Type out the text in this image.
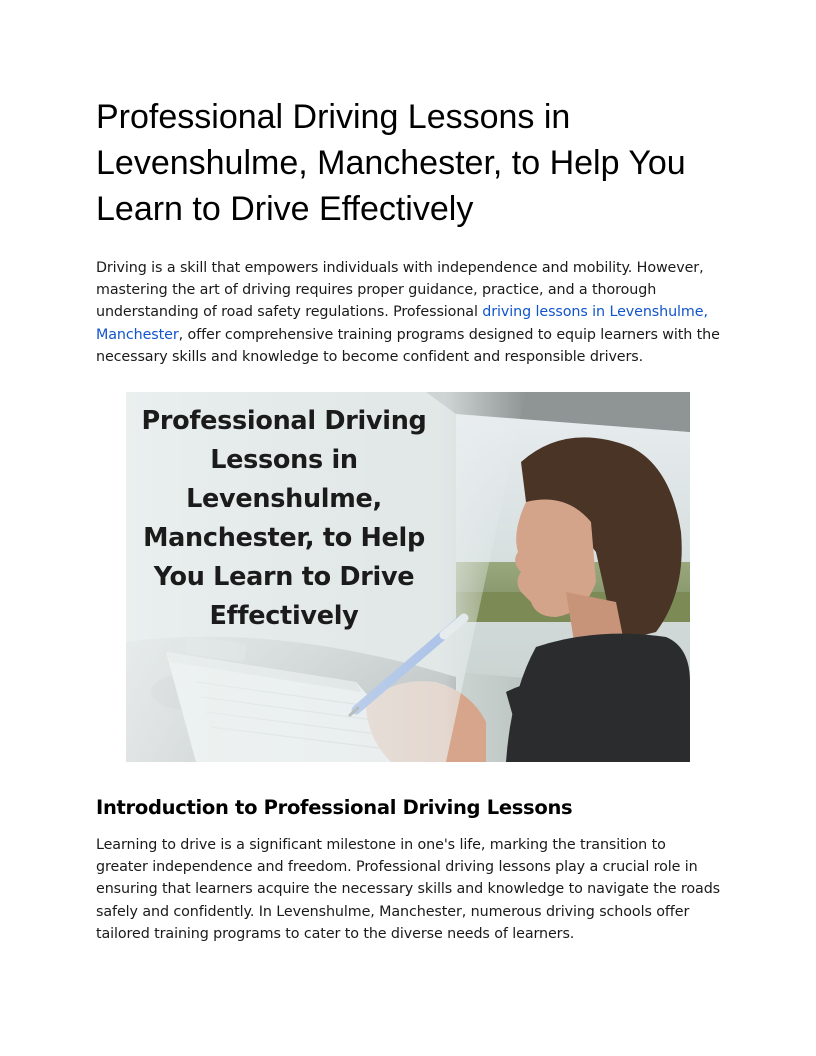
Professional Driving Lessons in Levenshulme, Manchester, to Help You Learn to Drive Effectively

Driving is a skill that empowers individuals with independence and mobility. However, mastering the art of driving requires proper guidance, practice, and a thorough understanding of road safety regulations. Professional driving lessons in Levenshulme, Manchester, offer comprehensive training programs designed to equip learners with the necessary skills and knowledge to become confident and responsible drivers.

Professional Driving
Lessons in
Levenshulme,
Manchester, to Help
You Learn to Drive
Effectively
Introduction to Professional Driving Lessons

Learning to drive is a significant milestone in one's life, marking the transition to greater independence and freedom. Professional driving lessons play a crucial role in ensuring that learners acquire the necessary skills and knowledge to navigate the roads safely and confidently. In Levenshulme, Manchester, numerous driving schools offer tailored training programs to cater to the diverse needs of learners.
